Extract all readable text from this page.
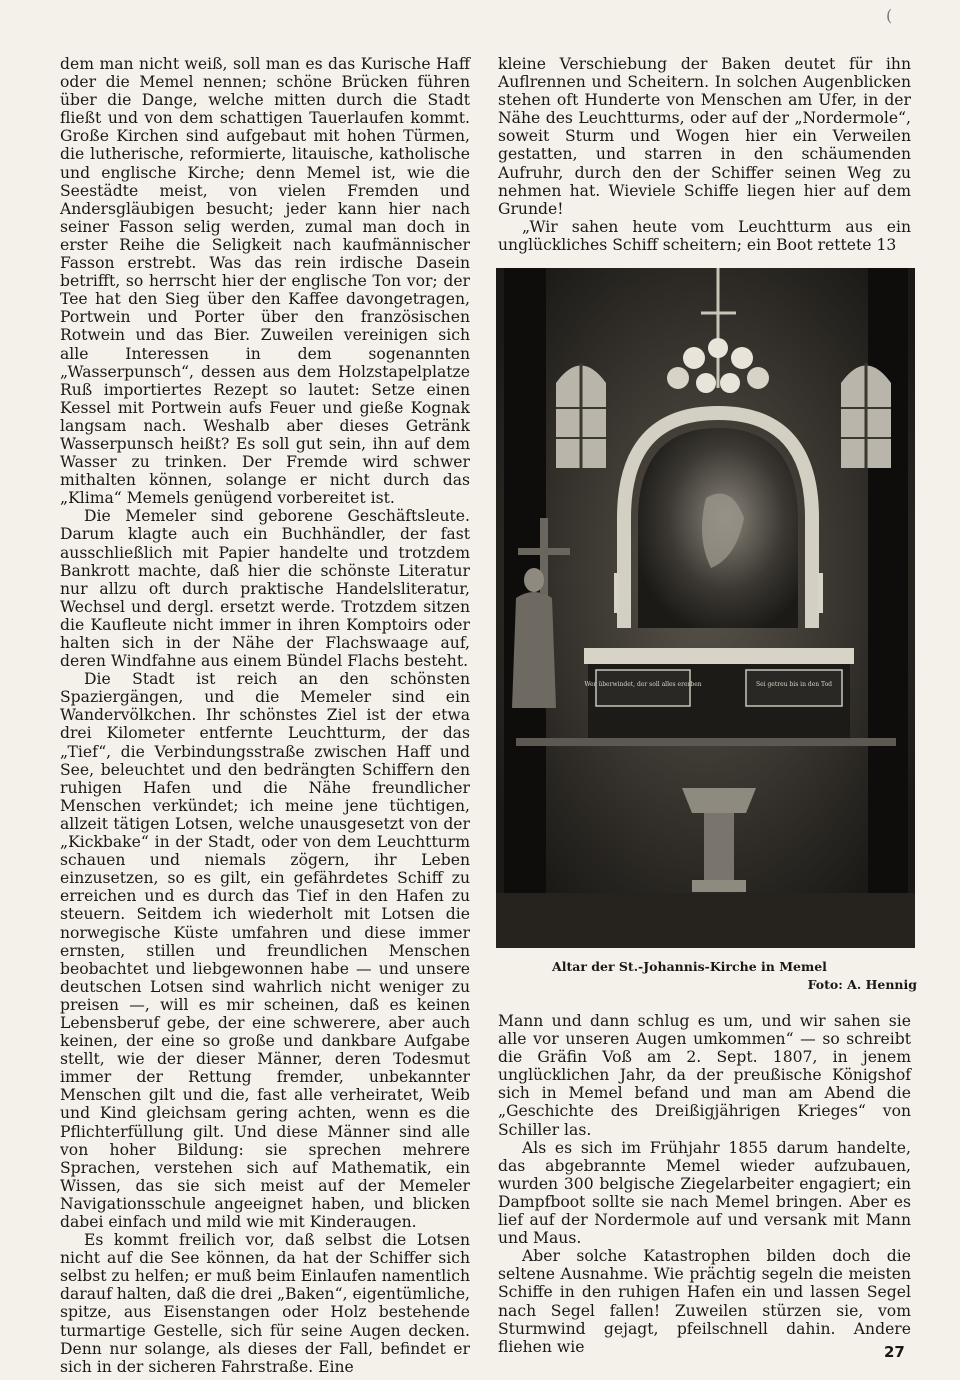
(

dem man nicht weiß, soll man es das Kurische Haff oder die Memel nennen; schöne Brücken führen über die Dange, welche mitten durch die Stadt fließt und von dem schattigen Tauerlaufen kommt. Große Kirchen sind aufgebaut mit hohen Türmen, die lutherische, reformierte, litauische, katholische und englische Kirche; denn Memel ist, wie die Seestädte meist, von vielen Fremden und Andersgläubigen besucht; jeder kann hier nach seiner Fasson selig werden, zumal man doch in erster Reihe die Seligkeit nach kaufmännischer Fasson erstrebt. Was das rein irdische Dasein betrifft, so herrscht hier der englische Ton vor; der Tee hat den Sieg über den Kaffee davongetragen, Portwein und Porter über den französischen Rotwein und das Bier. Zuweilen vereinigen sich alle Interessen in dem sogenannten „Wasserpunsch“, dessen aus dem Holzstapelplatze Ruß importiertes Rezept so lautet: Setze einen Kessel mit Portwein aufs Feuer und gieße Kognak langsam nach. Weshalb aber dieses Getränk Wasserpunsch heißt? Es soll gut sein, ihn auf dem Wasser zu trinken. Der Fremde wird schwer mithalten können, solange er nicht durch das „Klima“ Memels genügend vorbereitet ist.

Die Memeler sind geborene Geschäftsleute. Darum klagte auch ein Buchhändler, der fast ausschließlich mit Papier handelte und trotzdem Bankrott machte, daß hier die schönste Literatur nur allzu oft durch praktische Handelsliteratur, Wechsel und dergl. ersetzt werde. Trotzdem sitzen die Kaufleute nicht immer in ihren Komptoirs oder halten sich in der Nähe der Flachswaage auf, deren Windfahne aus einem Bündel Flachs besteht.

Die Stadt ist reich an den schönsten Spaziergängen, und die Memeler sind ein Wandervölkchen. Ihr schönstes Ziel ist der etwa drei Kilometer entfernte Leuchtturm, der das „Tief“, die Verbindungsstraße zwischen Haff und See, beleuchtet und den bedrängten Schiffern den ruhigen Hafen und die Nähe freundlicher Menschen verkündet; ich meine jene tüchtigen, allzeit tätigen Lotsen, welche unausgesetzt von der „Kickbake“ in der Stadt, oder von dem Leuchtturm schauen und niemals zögern, ihr Leben einzusetzen, so es gilt, ein gefährdetes Schiff zu erreichen und es durch das Tief in den Hafen zu steuern. Seitdem ich wiederholt mit Lotsen die norwegische Küste umfahren und diese immer ernsten, stillen und freundlichen Menschen beobachtet und liebgewonnen habe — und unsere deutschen Lotsen sind wahrlich nicht weniger zu preisen —, will es mir scheinen, daß es keinen Lebensberuf gebe, der eine schwerere, aber auch keinen, der eine so große und dankbare Aufgabe stellt, wie der dieser Männer, deren Todesmut immer der Rettung fremder, unbekannter Menschen gilt und die, fast alle verheiratet, Weib und Kind gleichsam gering achten, wenn es die Pflichterfüllung gilt. Und diese Männer sind alle von hoher Bildung: sie sprechen mehrere Sprachen, verstehen sich auf Mathematik, ein Wissen, das sie sich meist auf der Memeler Navigationsschule angeeignet haben, und blicken dabei einfach und mild wie mit Kinderaugen.

Es kommt freilich vor, daß selbst die Lotsen nicht auf die See können, da hat der Schiffer sich selbst zu helfen; er muß beim Einlaufen namentlich darauf halten, daß die drei „Baken“, eigentümliche, spitze, aus Eisenstangen oder Holz bestehende turmartige Gestelle, sich für seine Augen decken. Denn nur solange, als dieses der Fall, befindet er sich in der sicheren Fahrstraße. Eine

kleine Verschiebung der Baken deutet für ihn Auflrennen und Scheitern. In solchen Augenblicken stehen oft Hunderte von Menschen am Ufer, in der Nähe des Leuchtturms, oder auf der „Nordermole“, soweit Sturm und Wogen hier ein Verweilen gestatten, und starren in den schäumenden Aufruhr, durch den der Schiffer seinen Weg zu nehmen hat. Wieviele Schiffe liegen hier auf dem Grunde!

„Wir sahen heute vom Leuchtturm aus ein unglückliches Schiff scheitern; ein Boot rettete 13

Wer überwindet, der soll alles ererben	Sei getreu bis in den Tod
Altar der St.-Johannis-Kirche in Memel
Foto: A. Hennig

Mann und dann schlug es um, und wir sahen sie alle vor unseren Augen umkommen“ — so schreibt die Gräfin Voß am 2. Sept. 1807, in jenem unglücklichen Jahr, da der preußische Königshof sich in Memel befand und man am Abend die „Geschichte des Dreißigjährigen Krieges“ von Schiller las.

Als es sich im Frühjahr 1855 darum handelte, das abgebrannte Memel wieder aufzubauen, wurden 300 belgische Ziegelarbeiter engagiert; ein Dampfboot sollte sie nach Memel bringen. Aber es lief auf der Nordermole auf und versank mit Mann und Maus.

Aber solche Katastrophen bilden doch die seltene Ausnahme. Wie prächtig segeln die meisten Schiffe in den ruhigen Hafen ein und lassen Segel nach Segel fallen! Zuweilen stürzen sie, vom Sturmwind gejagt, pfeilschnell dahin. Andere fliehen wie	27
